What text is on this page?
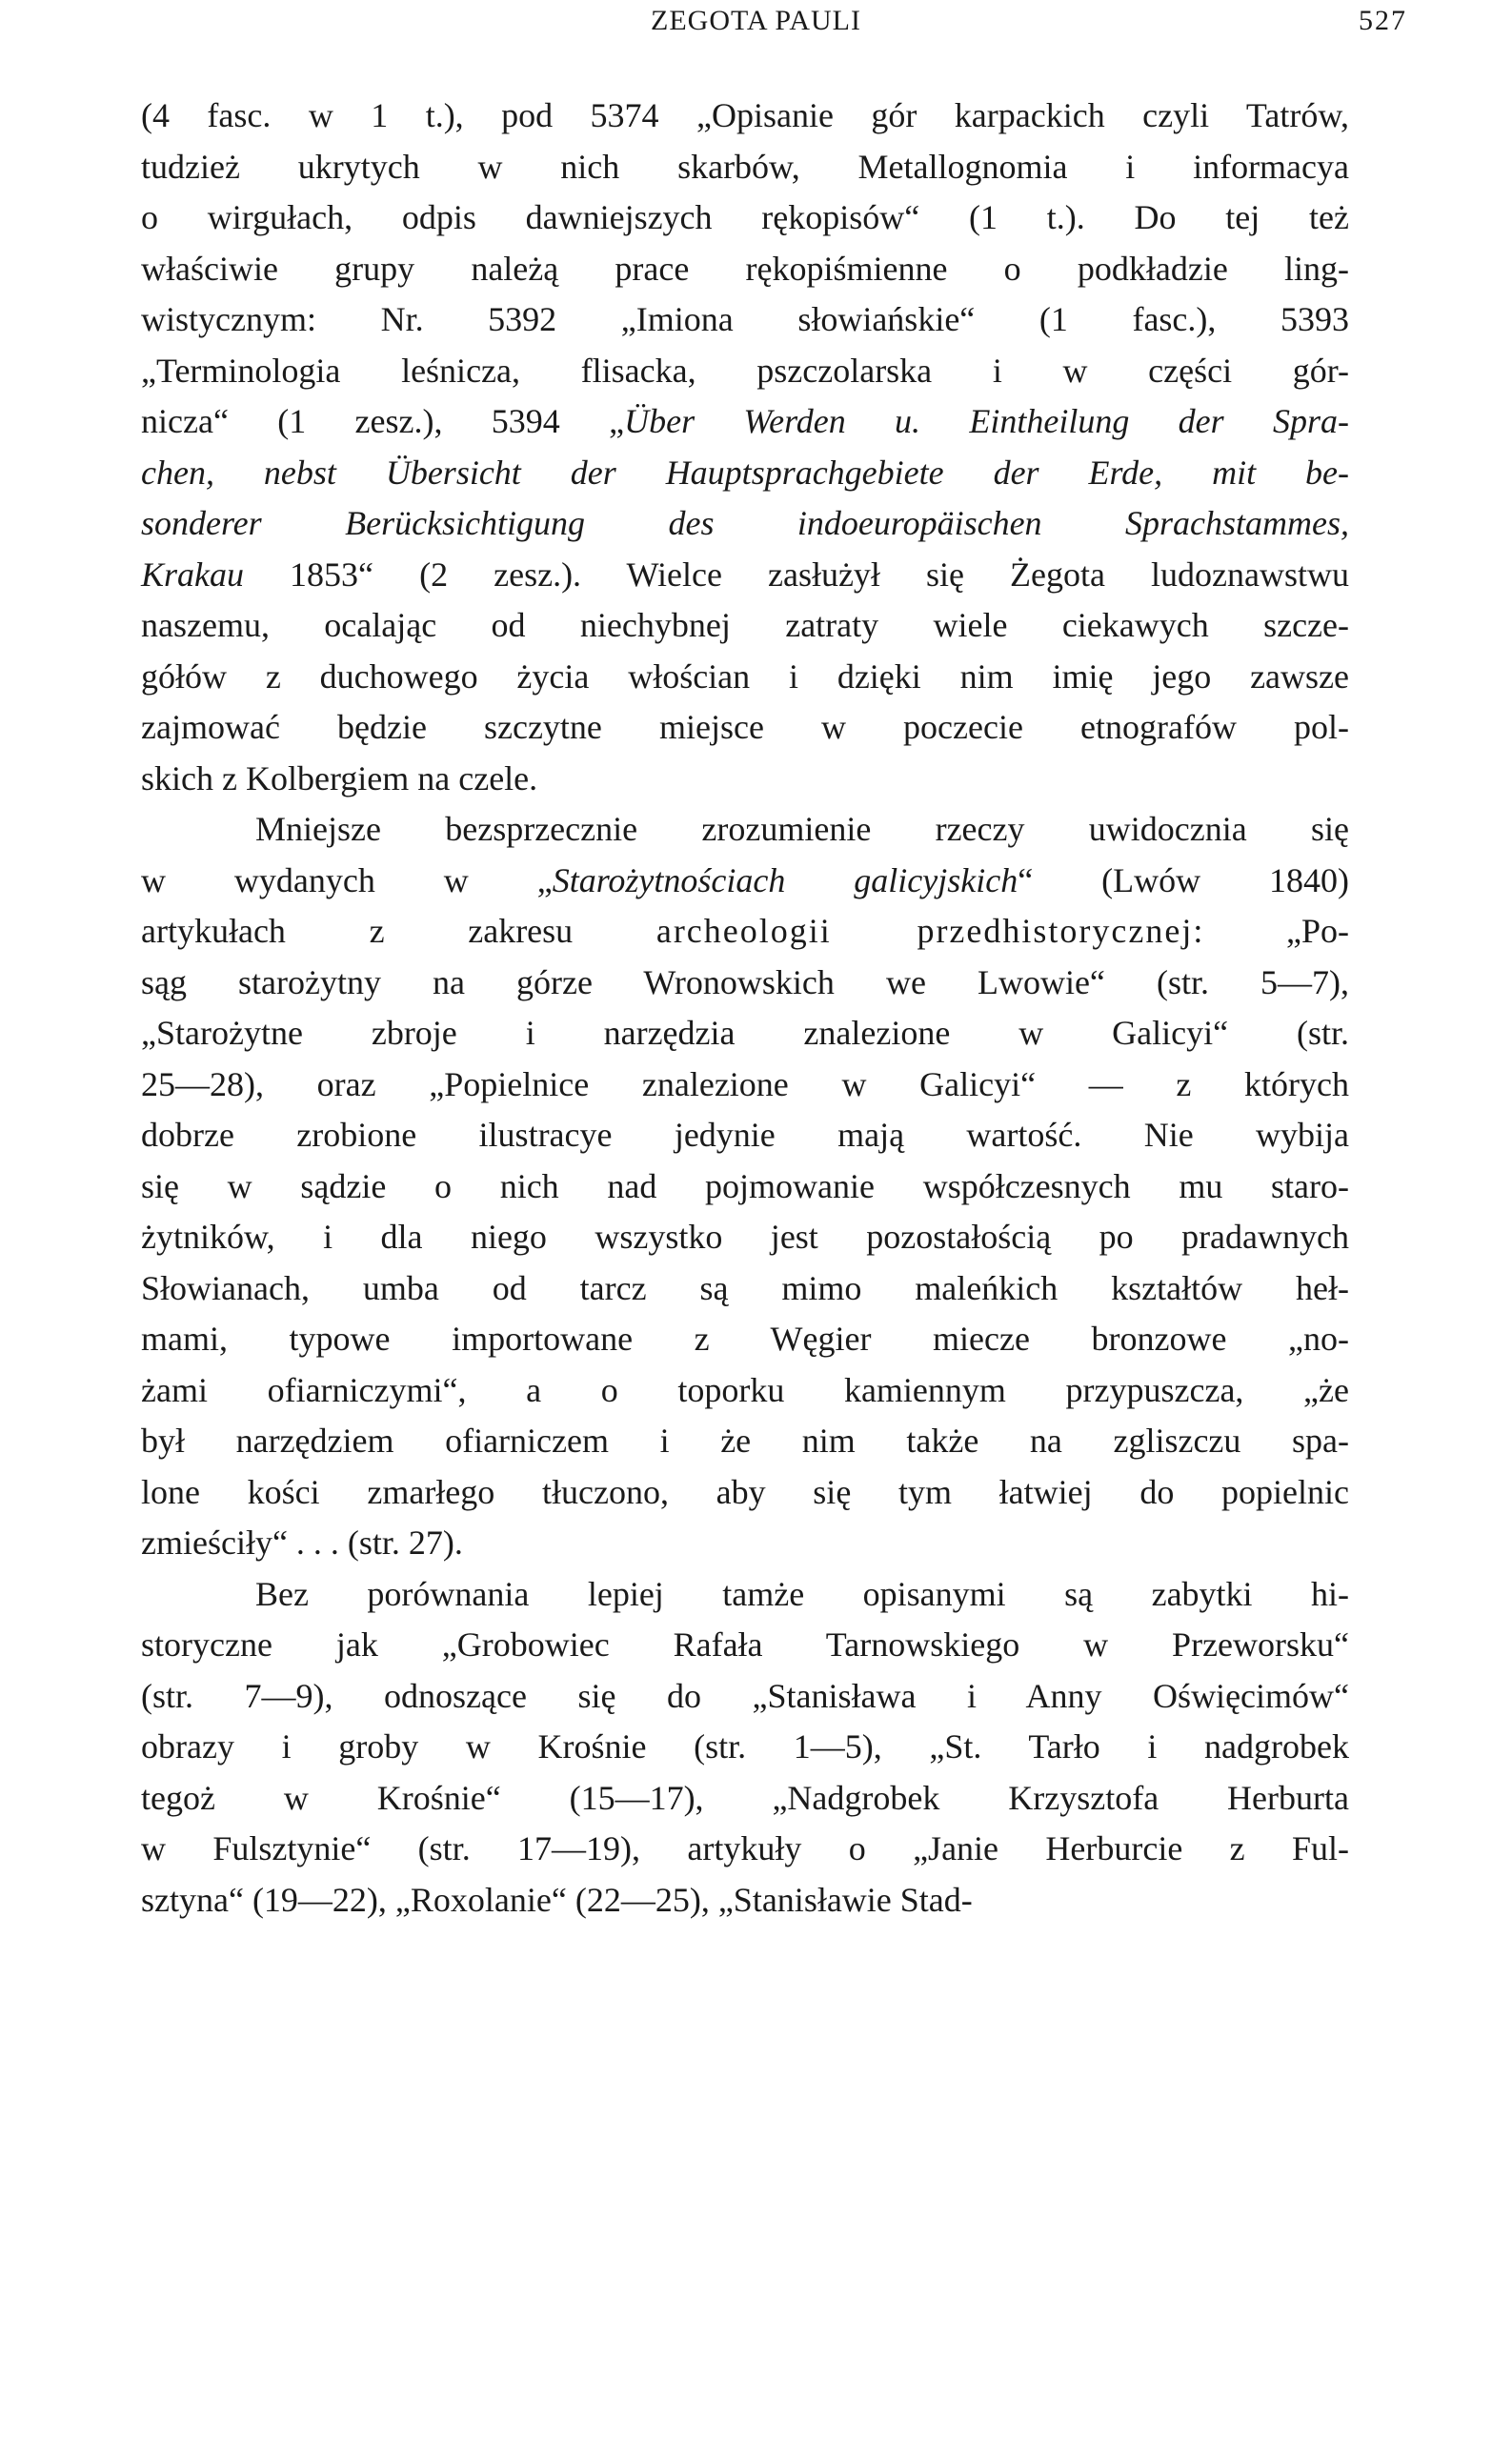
ZEGOTA PAULI	527
(4 fasc. w 1 t.), pod 5374 „Opisanie gór karpackich czyli Tatrów,
tudzież ukrytych w nich skarbów, Metallognomia i informacya
o wirgułach, odpis dawniejszych rękopisów“ (1 t.). Do tej też
właściwie grupy należą prace rękopiśmienne o podkładzie ling-
wistycznym: Nr. 5392 „Imiona słowiańskie“ (1 fasc.), 5393
„Terminologia leśnicza, flisacka, pszczolarska i w części gór-
nicza“ (1 zesz.), 5394 „Über Werden u. Eintheilung der Spra-
chen, nebst Übersicht der Hauptsprachgebiete der Erde, mit be-
sonderer Berücksichtigung des indoeuropäischen Sprachstammes,
Krakau 1853“ (2 zesz.). Wielce zasłużył się Żegota ludoznawstwu
naszemu, ocalając od niechybnej zatraty wiele ciekawych szcze-
gółów z duchowego życia włościan i dzięki nim imię jego zawsze
zajmować będzie szczytne miejsce w poczecie etnografów pol-
skich z Kolbergiem na czele.
Mniejsze bezsprzecznie zrozumienie rzeczy uwidocznia się
w wydanych w „Starożytnościach galicyjskich“ (Lwów 1840)
artykułach z zakresu archeologii przedhistorycznej: „Po-
sąg starożytny na górze Wronowskich we Lwowie“ (str. 5—7),
„Starożytne zbroje i narzędzia znalezione w Galicyi“ (str.
25—28), oraz „Popielnice znalezione w Galicyi“ — z których
dobrze zrobione ilustracye jedynie mają wartość. Nie wybija
się w sądzie o nich nad pojmowanie współczesnych mu staro-
żytników, i dla niego wszystko jest pozostałością po pradawnych
Słowianach, umba od tarcz są mimo maleńkich kształtów heł-
mami, typowe importowane z Węgier miecze bronzowe „no-
żami ofiarniczymi“, a o toporku kamiennym przypuszcza, „że
był narzędziem ofiarniczem i że nim także na zgliszczu spa-
lone kości zmarłego tłuczono, aby się tym łatwiej do popielnic
zmieściły“ . . . (str. 27).
Bez porównania lepiej tamże opisanymi są zabytki hi-
storyczne jak „Grobowiec Rafała Tarnowskiego w Przeworsku“
(str. 7—9), odnoszące się do „Stanisława i Anny Oświęcimów“
obrazy i groby w Krośnie (str. 1—5), „St. Tarło i nadgrobek
tegoż w Krośnie“ (15—17), „Nadgrobek Krzysztofa Herburta
w Fulsztynie“ (str. 17—19), artykuły o „Janie Herburcie z Ful-
sztyna“ (19—22), „Roxolanie“ (22—25), „Stanisławie Stad-
